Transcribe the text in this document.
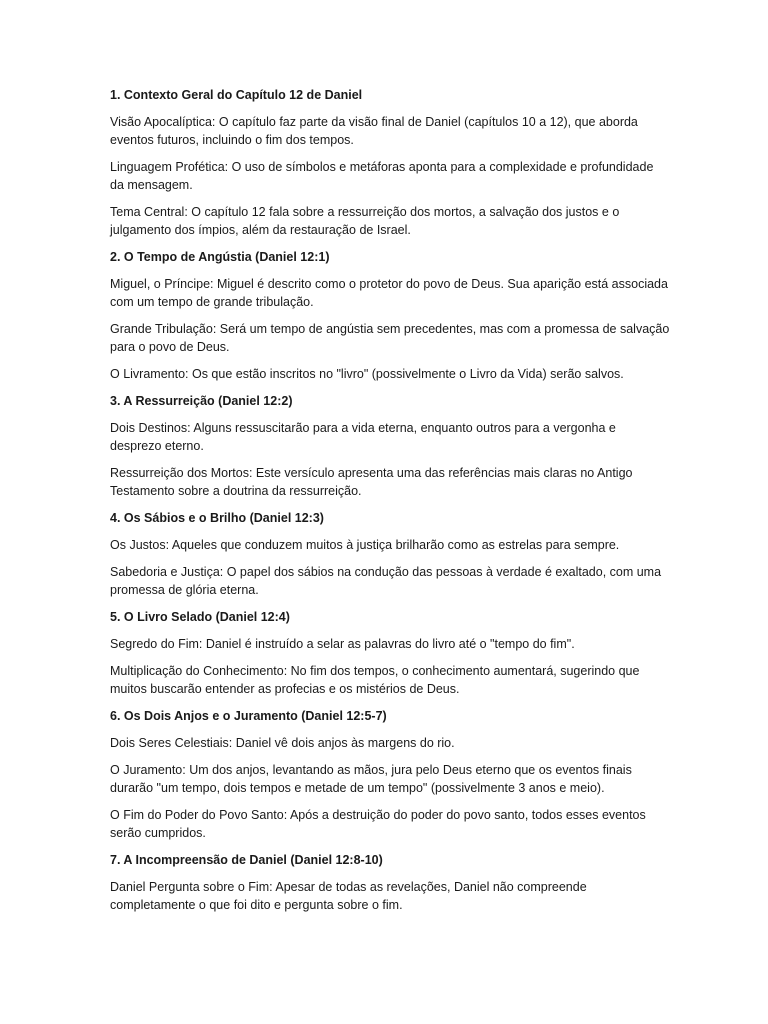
1. Contexto Geral do Capítulo 12 de Daniel
Visão Apocalíptica: O capítulo faz parte da visão final de Daniel (capítulos 10 a 12), que aborda eventos futuros, incluindo o fim dos tempos.
Linguagem Profética: O uso de símbolos e metáforas aponta para a complexidade e profundidade da mensagem.
Tema Central: O capítulo 12 fala sobre a ressurreição dos mortos, a salvação dos justos e o julgamento dos ímpios, além da restauração de Israel.
2. O Tempo de Angústia (Daniel 12:1)
Miguel, o Príncipe: Miguel é descrito como o protetor do povo de Deus. Sua aparição está associada com um tempo de grande tribulação.
Grande Tribulação: Será um tempo de angústia sem precedentes, mas com a promessa de salvação para o povo de Deus.
O Livramento: Os que estão inscritos no "livro" (possivelmente o Livro da Vida) serão salvos.
3. A Ressurreição (Daniel 12:2)
Dois Destinos: Alguns ressuscitarão para a vida eterna, enquanto outros para a vergonha e desprezo eterno.
Ressurreição dos Mortos: Este versículo apresenta uma das referências mais claras no Antigo Testamento sobre a doutrina da ressurreição.
4. Os Sábios e o Brilho (Daniel 12:3)
Os Justos: Aqueles que conduzem muitos à justiça brilharão como as estrelas para sempre.
Sabedoria e Justiça: O papel dos sábios na condução das pessoas à verdade é exaltado, com uma promessa de glória eterna.
5. O Livro Selado (Daniel 12:4)
Segredo do Fim: Daniel é instruído a selar as palavras do livro até o "tempo do fim".
Multiplicação do Conhecimento: No fim dos tempos, o conhecimento aumentará, sugerindo que muitos buscarão entender as profecias e os mistérios de Deus.
6. Os Dois Anjos e o Juramento (Daniel 12:5-7)
Dois Seres Celestiais: Daniel vê dois anjos às margens do rio.
O Juramento: Um dos anjos, levantando as mãos, jura pelo Deus eterno que os eventos finais durarão "um tempo, dois tempos e metade de um tempo" (possivelmente 3 anos e meio).
O Fim do Poder do Povo Santo: Após a destruição do poder do povo santo, todos esses eventos serão cumpridos.
7. A Incompreensão de Daniel (Daniel 12:8-10)
Daniel Pergunta sobre o Fim: Apesar de todas as revelações, Daniel não compreende completamente o que foi dito e pergunta sobre o fim.
